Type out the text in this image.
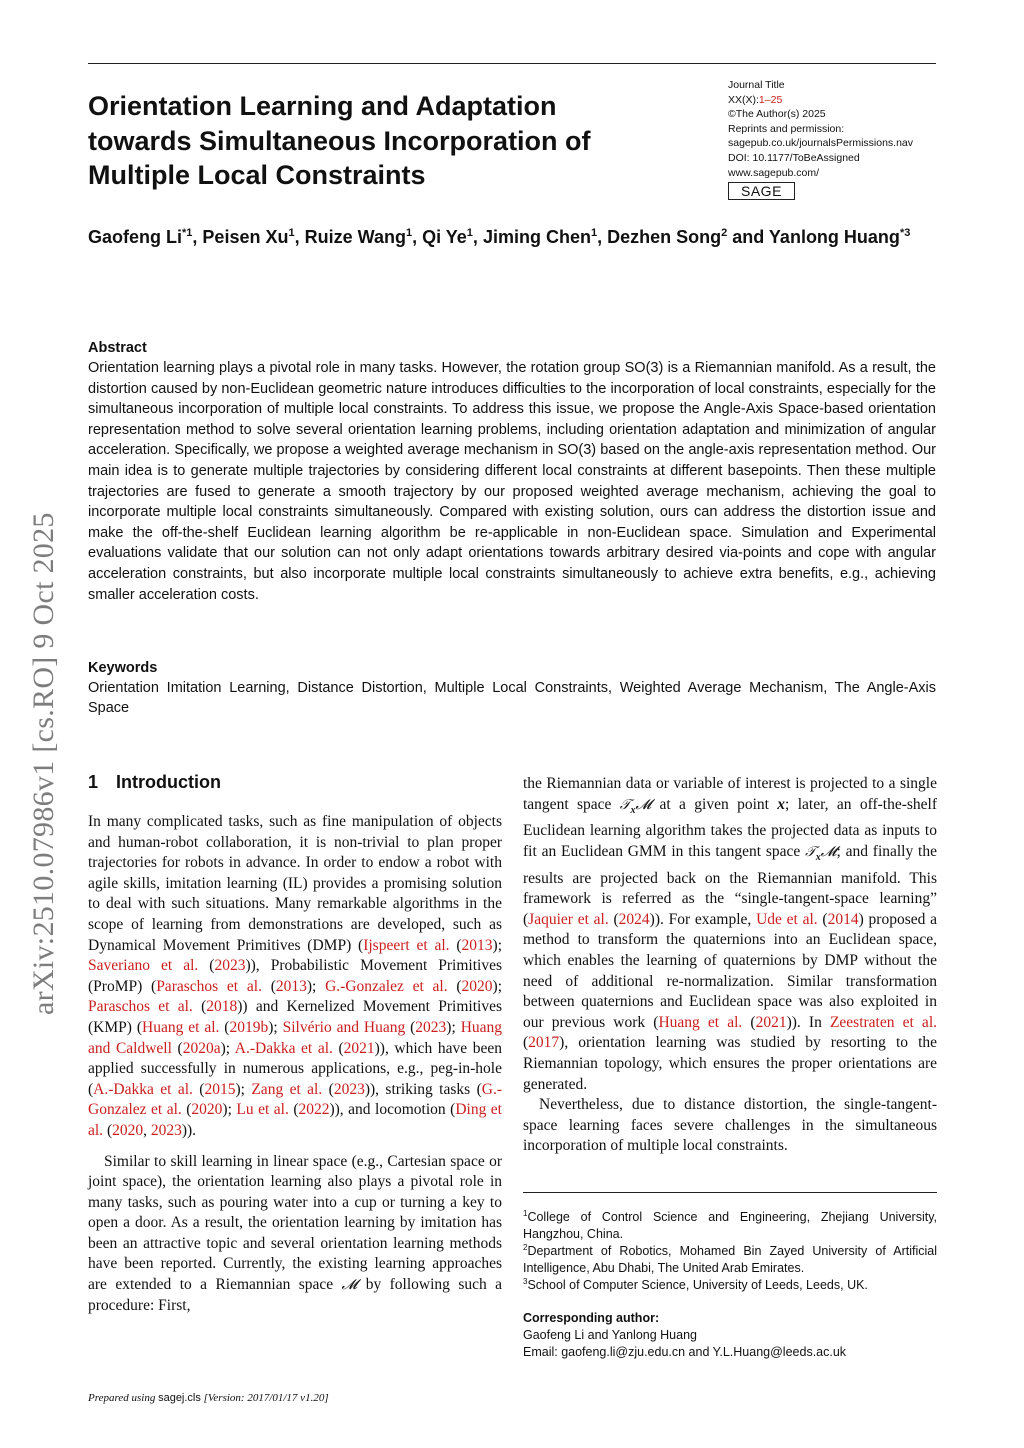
Journal Title
XX(X):1–25
©The Author(s) 2025
Reprints and permission:
sagepub.co.uk/journalsPermissions.nav
DOI: 10.1177/ToBeAssigned
www.sagepub.com/
SAGE
Orientation Learning and Adaptation
towards Simultaneous Incorporation of
Multiple Local Constraints
Gaofeng Li$^{*1}$, Peisen Xu$^1$, Ruize Wang$^1$, Qi Ye$^1$, Jiming Chen$^1$, Dezhen Song$^2$ and Yanlong Huang$^{*3}$
Abstract
Orientation learning plays a pivotal role in many tasks. However, the rotation group SO(3) is a Riemannian manifold. As a result, the distortion caused by non-Euclidean geometric nature introduces difficulties to the incorporation of local constraints, especially for the simultaneous incorporation of multiple local constraints. To address this issue, we propose the Angle-Axis Space-based orientation representation method to solve several orientation learning problems, including orientation adaptation and minimization of angular acceleration. Specifically, we propose a weighted average mechanism in SO(3) based on the angle-axis representation method. Our main idea is to generate multiple trajectories by considering different local constraints at different basepoints. Then these multiple trajectories are fused to generate a smooth trajectory by our proposed weighted average mechanism, achieving the goal to incorporate multiple local constraints simultaneously. Compared with existing solution, ours can address the distortion issue and make the off-the-shelf Euclidean learning algorithm be re-applicable in non-Euclidean space. Simulation and Experimental evaluations validate that our solution can not only adapt orientations towards arbitrary desired via-points and cope with angular acceleration constraints, but also incorporate multiple local constraints simultaneously to achieve extra benefits, e.g., achieving smaller acceleration costs.
Keywords
Orientation Imitation Learning, Distance Distortion, Multiple Local Constraints, Weighted Average Mechanism, The Angle-Axis Space
arXiv:2510.07986v1 [cs.RO] 9 Oct 2025 1 Introduction

In many complicated tasks, such as fine manipulation of objects and human-robot collaboration, it is non-trivial to plan proper trajectories for robots in advance. In order to endow a robot with agile skills, imitation learning (IL) provides a promising solution to deal with such situations. Many remarkable algorithms in the scope of learning from demonstrations are developed, such as Dynamical Movement Primitives (DMP) (Ijspeert et al. (2013); Saveriano et al. (2023)), Probabilistic Movement Primitives (ProMP) (Paraschos et al. (2013); G.-Gonzalez et al. (2020); Paraschos et al. (2018)) and Kernelized Movement Primitives (KMP) (Huang et al. (2019b); Silvério and Huang (2023); Huang and Caldwell (2020a); A.-Dakka et al. (2021)), which have been applied successfully in numerous applications, e.g., peg-in-hole (A.-Dakka et al. (2015); Zang et al. (2023)), striking tasks (G.-Gonzalez et al. (2020); Lu et al. (2022)), and locomotion (Ding et al. (2020, 2023)).

Similar to skill learning in linear space (e.g., Cartesian space or joint space), the orientation learning also plays a pivotal role in many tasks, such as pouring water into a cup or turning a key to open a door. As a result, the orientation learning by imitation has been an attractive topic and several orientation learning methods have been reported. Currently, the existing learning approaches are extended to a Riemannian space 𝓜 by following such a procedure: First,

the Riemannian data or variable of interest is projected to a single tangent space 𝒯$_x$𝓜 at a given point x; later, an off-the-shelf Euclidean learning algorithm takes the projected data as inputs to fit an Euclidean GMM in this tangent space 𝒯$_x$𝓜; and finally the results are projected back on the Riemannian manifold. This framework is referred as the “single-tangent-space learning” (Jaquier et al. (2024)). For example, Ude et al. (2014) proposed a method to transform the quaternions into an Euclidean space, which enables the learning of quaternions by DMP without the need of additional re-normalization. Similar transformation between quaternions and Euclidean space was also exploited in our previous work (Huang et al. (2021)). In Zeestraten et al. (2017), orientation learning was studied by resorting to the Riemannian topology, which ensures the proper orientations are generated.

Nevertheless, due to distance distortion, the single-tangent-space learning faces severe challenges in the simultaneous incorporation of multiple local constraints.

$^1$College of Control Science and Engineering, Zhejiang University, Hangzhou, China.
$^2$Department of Robotics, Mohamed Bin Zayed University of Artificial Intelligence, Abu Dhabi, The United Arab Emirates.
$^3$School of Computer Science, University of Leeds, Leeds, UK.
Corresponding author:
Gaofeng Li and Yanlong Huang
Email: gaofeng.li@zju.edu.cn and Y.L.Huang@leeds.ac.uk
Prepared using sagej.cls [Version: 2017/01/17 v1.20]
